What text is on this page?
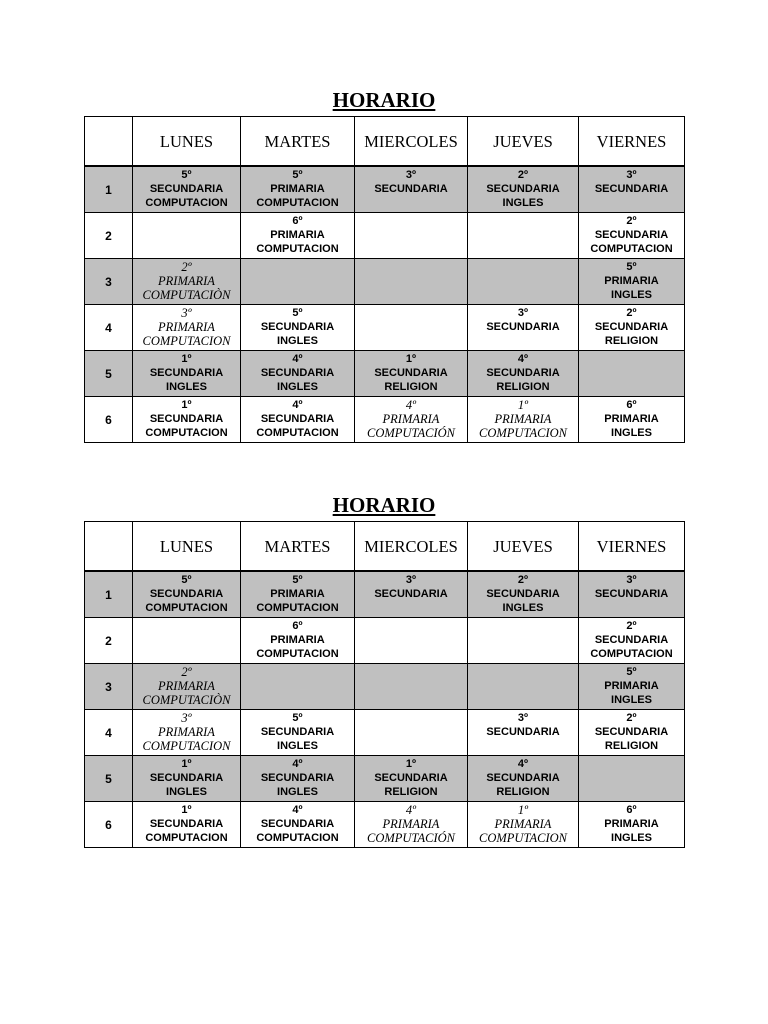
HORARIO
	LUNES	MARTES	MIERCOLES	JUEVES	VIERNES
1	5º
SECUNDARIA
COMPUTACION	5º
PRIMARIA
COMPUTACION	3º
SECUNDARIA	2º
SECUNDARIA
INGLES	3º
SECUNDARIA

2		6º
PRIMARIA
COMPUTACION			2º
SECUNDARIA
COMPUTACION

3	2º
PRIMARIA
COMPUTACIÒN				5º
PRIMARIA
INGLES

4	3º
PRIMARIA
COMPUTACION	5º
SECUNDARIA
INGLES		3º
SECUNDARIA	2º
SECUNDARIA
RELIGION

5	1º
SECUNDARIA
INGLES	4º
SECUNDARIA
INGLES	1º
SECUNDARIA
RELIGION	4º
SECUNDARIA
RELIGION	

6	1º
SECUNDARIA
COMPUTACION	4º
SECUNDARIA
COMPUTACION	4º
PRIMARIA
COMPUTACIÓN	1º
PRIMARIA
COMPUTACION	6º
PRIMARIA
INGLES
HORARIO
	LUNES	MARTES	MIERCOLES	JUEVES	VIERNES
1	5º
SECUNDARIA
COMPUTACION	5º
PRIMARIA
COMPUTACION	3º
SECUNDARIA	2º
SECUNDARIA
INGLES	3º
SECUNDARIA

2		6º
PRIMARIA
COMPUTACION			2º
SECUNDARIA
COMPUTACION

3	2º
PRIMARIA
COMPUTACIÒN				5º
PRIMARIA
INGLES

4	3º
PRIMARIA
COMPUTACION	5º
SECUNDARIA
INGLES		3º
SECUNDARIA	2º
SECUNDARIA
RELIGION

5	1º
SECUNDARIA
INGLES	4º
SECUNDARIA
INGLES	1º
SECUNDARIA
RELIGION	4º
SECUNDARIA
RELIGION	

6	1º
SECUNDARIA
COMPUTACION	4º
SECUNDARIA
COMPUTACION	4º
PRIMARIA
COMPUTACIÓN	1º
PRIMARIA
COMPUTACION	6º
PRIMARIA
INGLES
